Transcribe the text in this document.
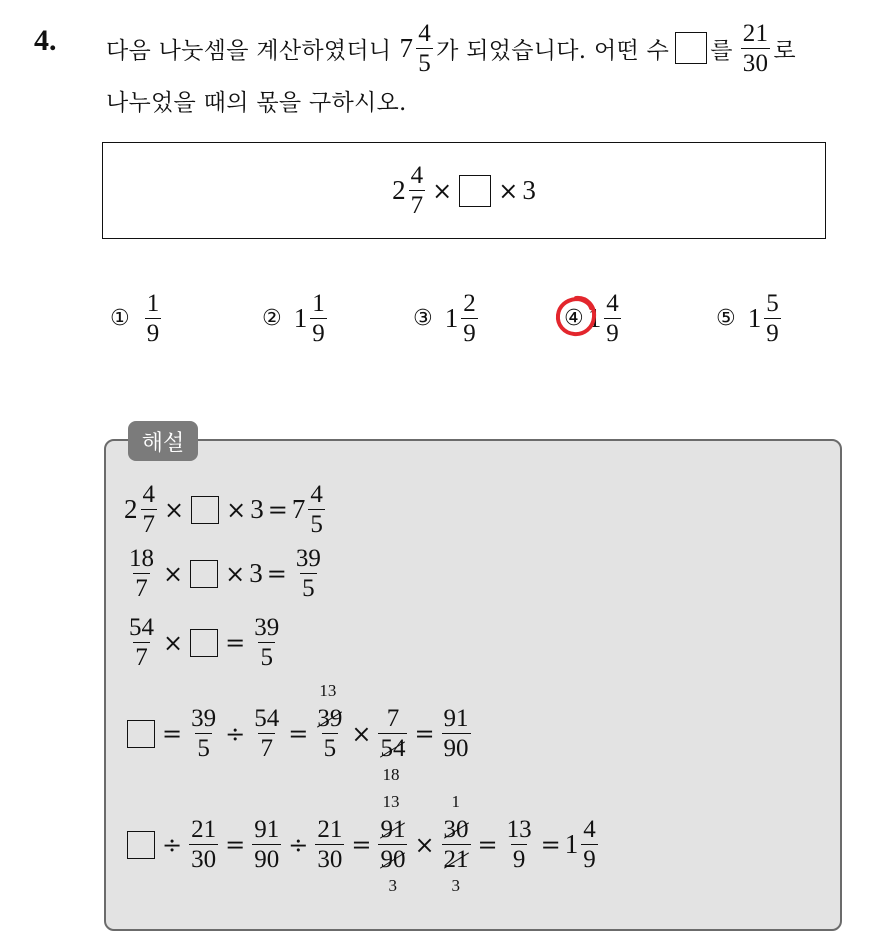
4. 다음 나눗셈을 계산하였더니 $7 \frac{4}{5}$ 가 되었습니다. 어떤 수 를 $\frac{21}{30}$ 로
나누었을 때의 몫을 구하시오.
$2 \frac{4}{7}$ × × 3
① $\frac{1}{9}$	② $1 \frac{1}{9}$	③ $1 \frac{2}{9}$	④ $1 \frac{4}{9}$	⑤ $1 \frac{5}{9}$
해설
$2 \frac{4}{7}$ × × $3 = 7 \frac{4}{5}$
$\frac{18}{7}$ × × $3 = \frac{39}{5}$
$\frac{54}{7}$ × = $\frac{39}{5}$
= $\frac{39}{5} \div \frac{54}{7}$ =
13
39
5
×
7
54
18
= $\frac{91}{90}$
÷ $\frac{21}{30} = \frac{91}{90} \div \frac{21}{30}$ =
13
91
90
3
×
1
30
21
3
= $\frac{13}{9} = 1 \frac{4}{9}$
